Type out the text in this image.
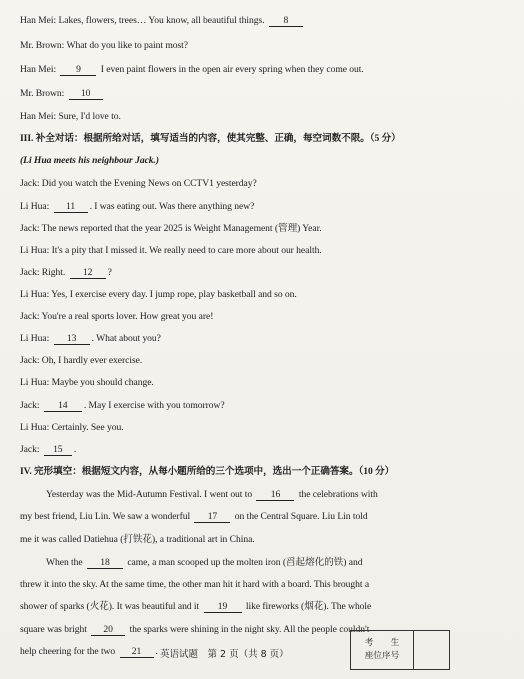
Han Mei: Lakes, flowers, trees… You know, all beautiful things. 8
Mr. Brown: What do you like to paint most?
Han Mei: 9 I even paint flowers in the open air every spring when they come out.
Mr. Brown: 10
Han Mei: Sure, I'd love to.
III. 补全对话：根据所给对话，填写适当的内容，使其完整、正确，每空词数不限。（5 分）
(Li Hua meets his neighbour Jack.)
Jack: Did you watch the Evening News on CCTV1 yesterday?
Li Hua: 11 . I was eating out. Was there anything new?
Jack: The news reported that the year 2025 is Weight Management (管理) Year.
Li Hua: It's a pity that I missed it. We really need to care more about our health.
Jack: Right. 12 ?
Li Hua: Yes, I exercise every day. I jump rope, play basketball and so on.
Jack: You're a real sports lover. How great you are!
Li Hua: 13 . What about you?
Jack: Oh, I hardly ever exercise.
Li Hua: Maybe you should change.
Jack: 14 . May I exercise with you tomorrow?
Li Hua: Certainly. See you.
Jack: 15 .
IV. 完形填空：根据短文内容，从每小题所给的三个选项中，选出一个正确答案。（10 分）
Yesterday was the Mid-Autumn Festival. I went out to 16 the celebrations with
my best friend, Liu Lin. We saw a wonderful 17 on the Central Square. Liu Lin told
me it was called Datiehua (打铁花), a traditional art in China.
When the 18 came, a man scooped up the molten iron (舀起熔化的铁) and
threw it into the sky. At the same time, the other man hit it hard with a board. This brought a
shower of sparks (火花). It was beautiful and it 19 like fireworks (烟花). The whole
square was bright 20 the sparks were shining in the night sky. All the people couldn't
help cheering for the two 21 . 英语试题　第 2 页（共 8 页）
考　　生
座位序号
